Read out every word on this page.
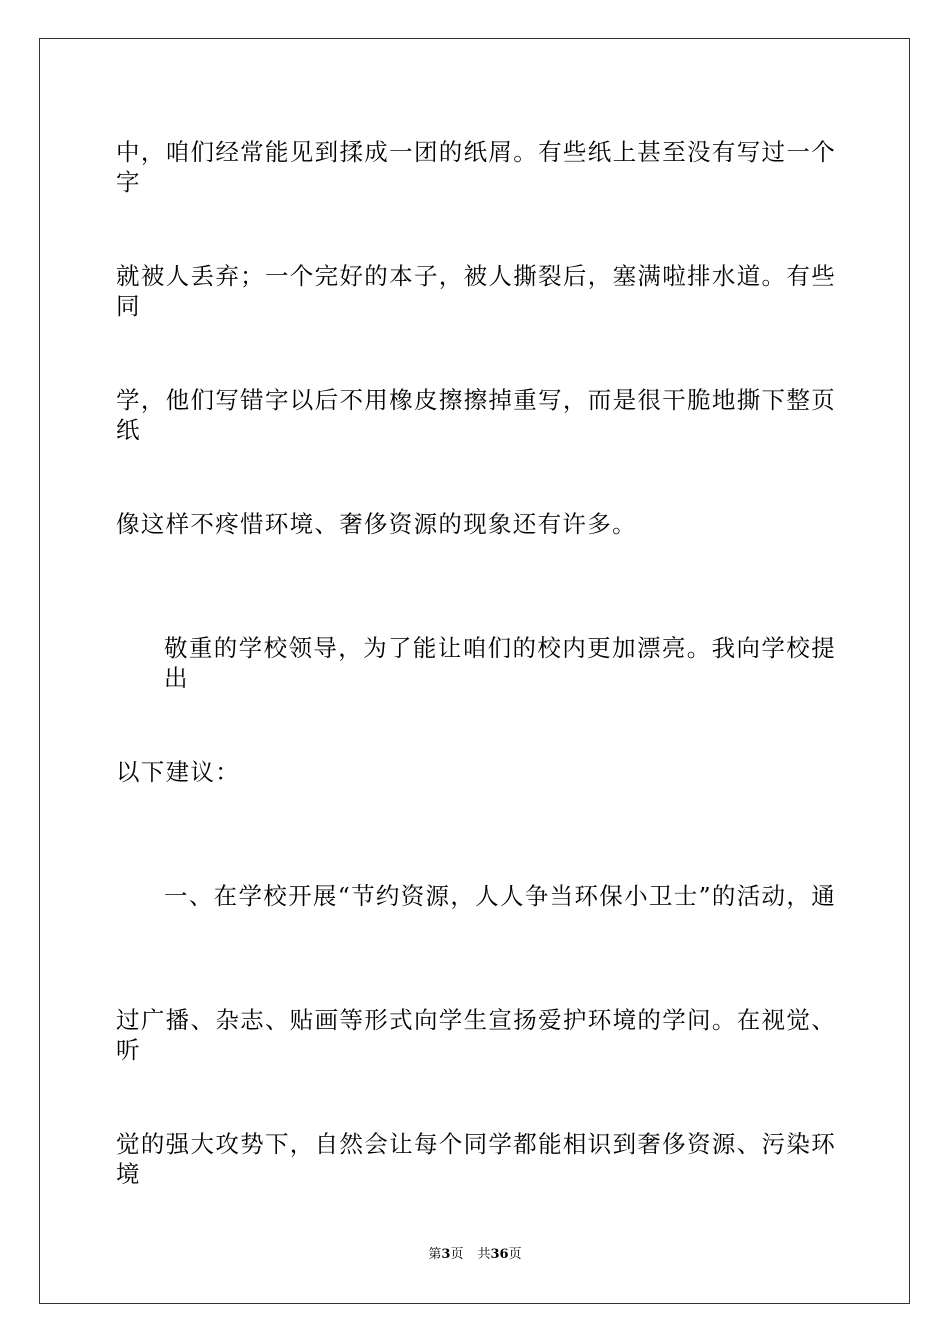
中，咱们经常能见到揉成一团的纸屑。有些纸上甚至没有写过一个字
就被人丢弃；一个完好的本子，被人撕裂后，塞满啦排水道。有些同
学，他们写错字以后不用橡皮擦擦掉重写，而是很干脆地撕下整页纸
像这样不疼惜环境、奢侈资源的现象还有许多。
敬重的学校领导，为了能让咱们的校内更加漂亮。我向学校提出
以下建议：
一、在学校开展“节约资源，人人争当环保小卫士”的活动，通
过广播、杂志、贴画等形式向学生宣扬爱护环境的学问。在视觉、听
觉的强大攻势下，自然会让每个同学都能相识到奢侈资源、污染环境
第3页 共36页
